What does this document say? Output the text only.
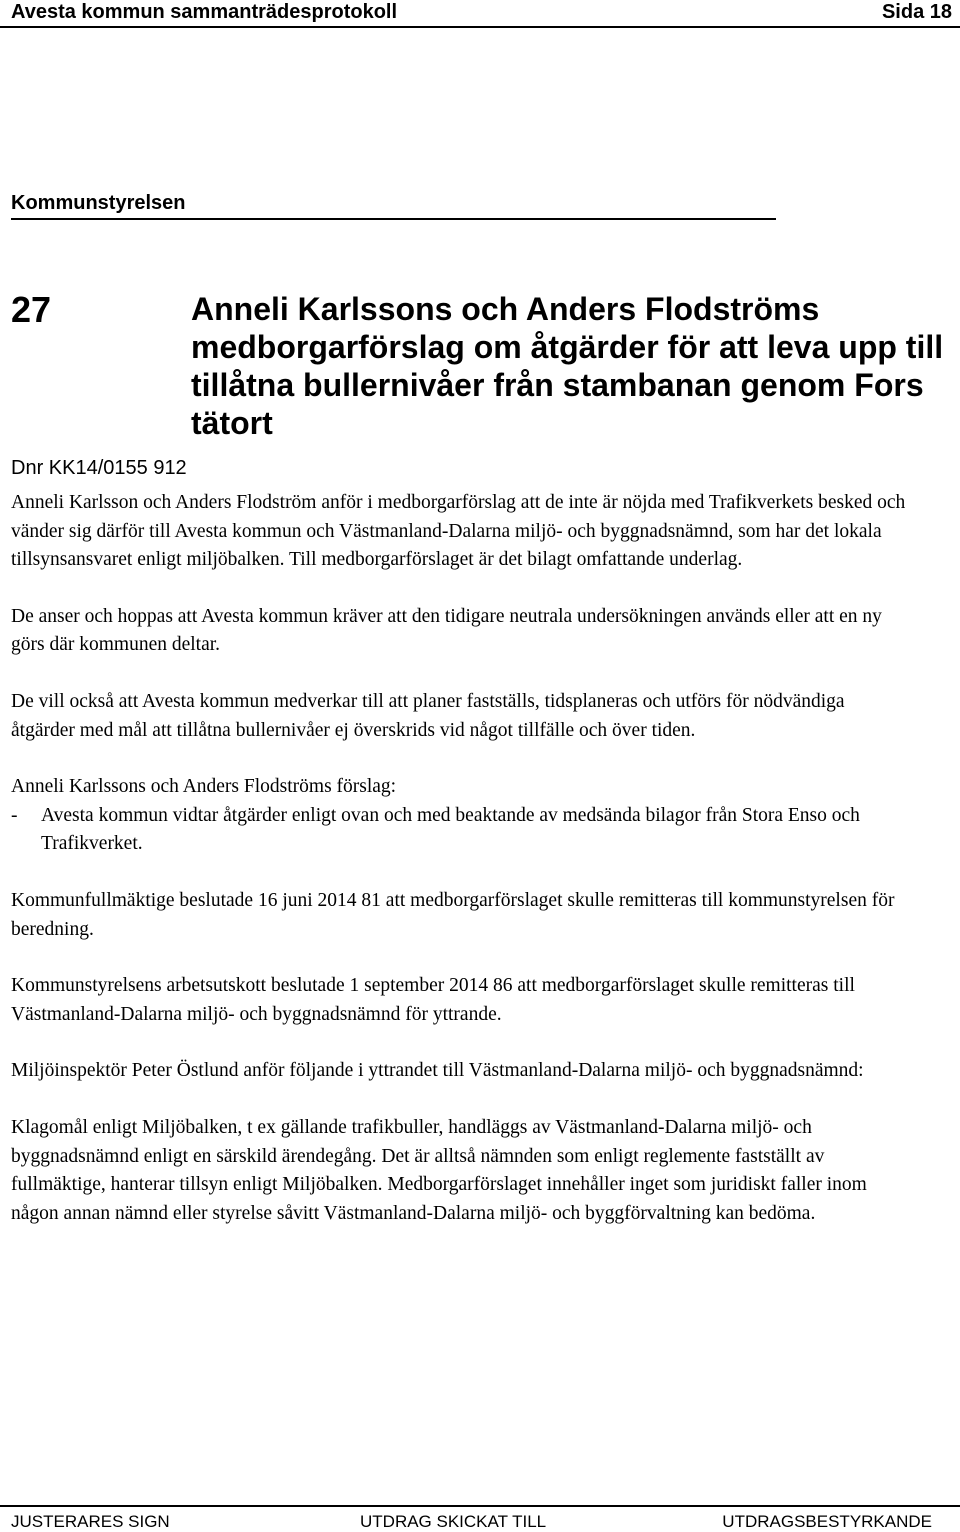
Avesta kommun sammanträdesprotokoll	Sida 18
Kommunstyrelsen
27	Anneli Karlssons och Anders Flodströms medborgarförslag om åtgärder för att leva upp till tillåtna bullernivåer från stambanan genom Fors tätort
Dnr KK14/0155 912

Anneli Karlsson och Anders Flodström anför i medborgarförslag att de inte är nöjda med Trafikverkets besked och vänder sig därför till Avesta kommun och Västmanland-Dalarna miljö- och byggnadsnämnd, som har det lokala tillsynsansvaret enligt miljöbalken. Till medborgarförslaget är det bilagt omfattande underlag.

De anser och hoppas att Avesta kommun kräver att den tidigare neutrala undersökningen används eller att en ny görs där kommunen deltar.

De vill också att Avesta kommun medverkar till att planer fastställs, tidsplaneras och utförs för nödvändiga åtgärder med mål att tillåtna bullernivåer ej överskrids vid något tillfälle och över tiden.

Anneli Karlssons och Anders Flodströms förslag:

-	Avesta kommun vidtar åtgärder enligt ovan och med beaktande av medsända bilagor från Stora Enso och Trafikverket.

Kommunfullmäktige beslutade 16 juni 2014 81 att medborgarförslaget skulle remitteras till kommunstyrelsen för beredning.

Kommunstyrelsens arbetsutskott beslutade 1 september 2014 86 att medborgarförslaget skulle remitteras till Västmanland-Dalarna miljö- och byggnadsnämnd för yttrande.

Miljöinspektör Peter Östlund anför följande i yttrandet till Västmanland-Dalarna miljö- och byggnadsnämnd:

Klagomål enligt Miljöbalken, t ex gällande trafikbuller, handläggs av Västmanland-Dalarna miljö- och byggnadsnämnd enligt en särskild ärendegång. Det är alltså nämnden som enligt reglemente fastställt av fullmäktige, hanterar tillsyn enligt Miljöbalken. Medborgarförslaget innehåller inget som juridiskt faller inom någon annan nämnd eller styrelse såvitt Västmanland-Dalarna miljö- och byggförvaltning kan bedöma.

JUSTERARES SIGN	UTDRAG SKICKAT TILL	UTDRAGSBESTYRKANDE
